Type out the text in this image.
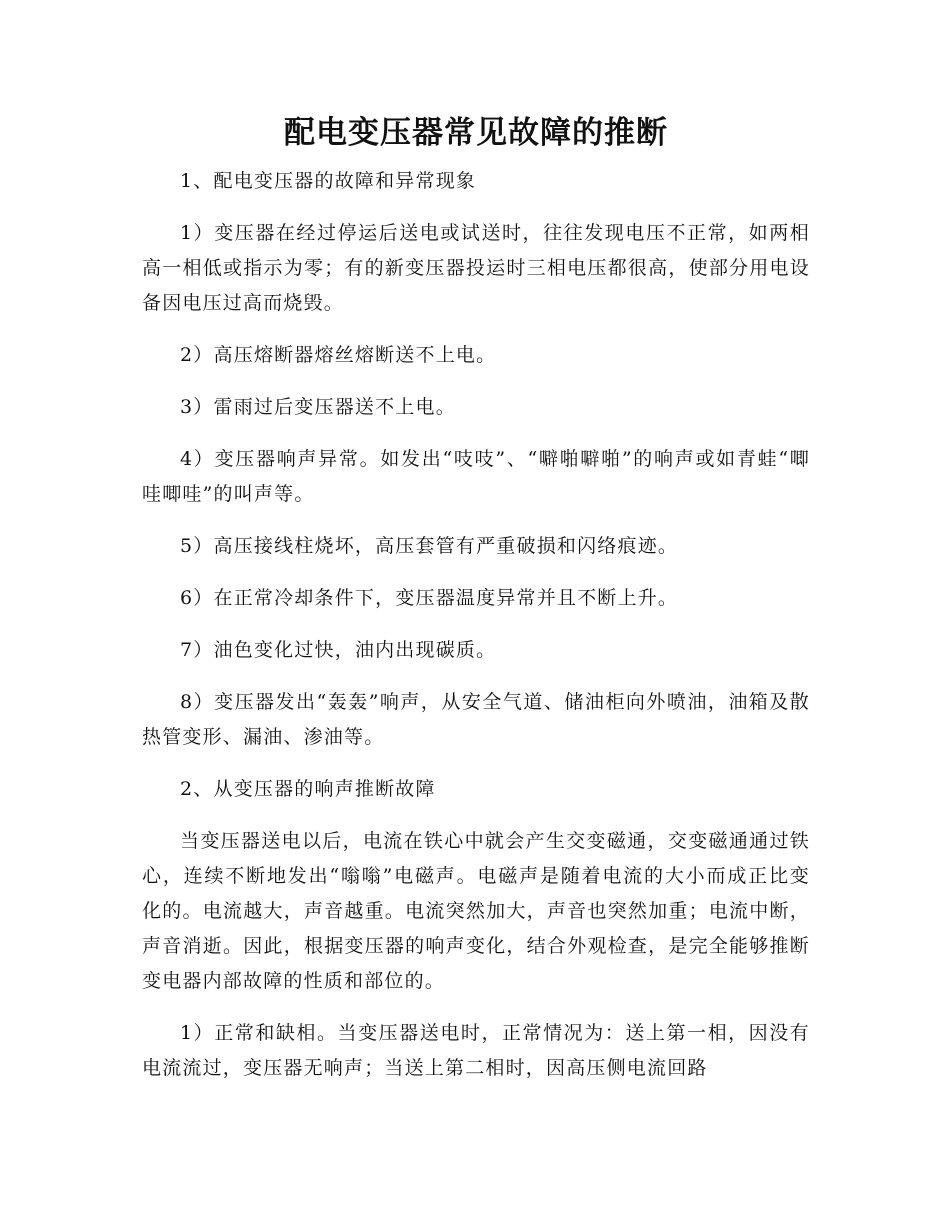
配电变压器常见故障的推断

1、配电变压器的故障和异常现象

1）变压器在经过停运后送电或试送时，往往发现电压不正常，如两相高一相低或指示为零；有的新变压器投运时三相电压都很高，使部分用电设备因电压过高而烧毁。

2）高压熔断器熔丝熔断送不上电。

3）雷雨过后变压器送不上电。

4）变压器响声异常。如发出“吱吱”、“噼啪噼啪”的响声或如青蛙“唧哇唧哇”的叫声等。

5）高压接线柱烧坏，高压套管有严重破损和闪络痕迹。

6）在正常冷却条件下，变压器温度异常并且不断上升。

7）油色变化过快，油内出现碳质。

8）变压器发出“轰轰”响声，从安全气道、储油柜向外喷油，油箱及散热管变形、漏油、渗油等。

2、从变压器的响声推断故障

当变压器送电以后，电流在铁心中就会产生交变磁通，交变磁通通过铁心，连续不断地发出“嗡嗡”电磁声。电磁声是随着电流的大小而成正比变化的。电流越大，声音越重。电流突然加大，声音也突然加重；电流中断，声音消逝。因此，根据变压器的响声变化，结合外观检查，是完全能够推断变电器内部故障的性质和部位的。

1）正常和缺相。当变压器送电时，正常情况为：送上第一相，因没有电流流过，变压器无响声；当送上第二相时，因高压侧电流回路
